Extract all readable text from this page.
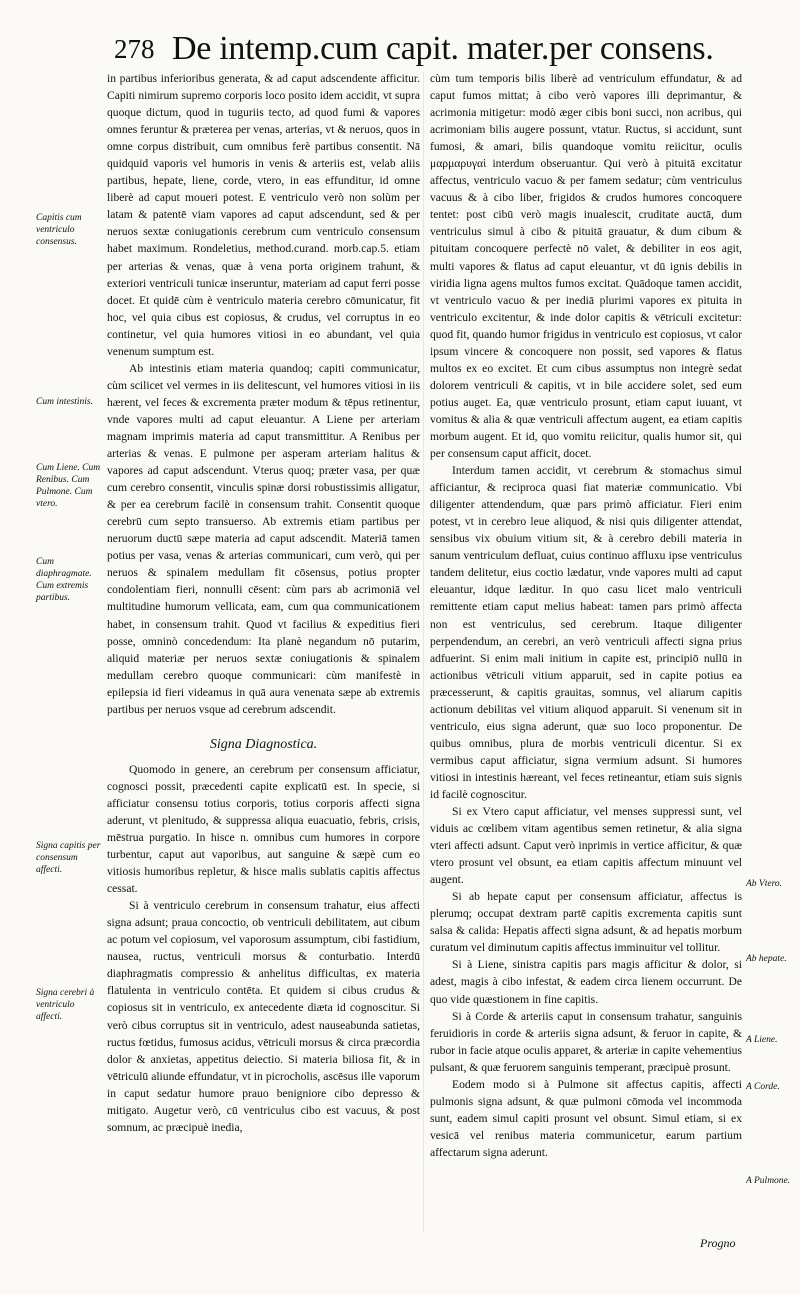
278 De intemp.cum capit. mater.per consens.

in partibus inferioribus generata, & ad caput adscendente afficitur. Capiti nimirum supremo corporis loco posito idem accidit, vt supra quoque dictum, quod in tuguriis tecto, ad quod fumi & vapores omnes feruntur & præterea per venas, arterias, vt & neruos, quos in omne corpus distribuit, cum omnibus ferè partibus consentit. Nā quidquid vaporis vel humoris in venis & arteriis est, velab aliis partibus, hepate, liene, corde, vtero, in eas effunditur, id omne liberè ad caput moueri potest. E ventriculo verò non solùm per latam & patentē viam vapores ad caput adscendunt, sed & per neruos sextæ coniugationis cerebrum cum ventriculo consensum habet maximum. Rondeletius, method.curand. morb.cap.5. etiam per arterias & venas, quæ à vena porta originem trahunt, & exteriori ventriculi tunicæ inseruntur, materiam ad caput ferri posse docet. Et quidē cùm è ventriculo materia cerebro cōmunicatur, fit hoc, vel quia cibus est copiosus, & crudus, vel corruptus in eo continetur, vel quia humores vitiosi in eo abundant, vel quia venenum sumptum est.

Ab intestinis etiam materia quandoq; capiti communicatur, cùm scilicet vel vermes in iis delitescunt, vel humores vitiosi in iis hærent, vel feces & excrementa præter modum & tēpus retinentur, vnde vapores multi ad caput eleuantur. A Liene per arteriam magnam imprimis materia ad caput transmittitur. A Renibus per arterias & venas. E pulmone per asperam arteriam halitus & vapores ad caput adscendunt. Vterus quoq; præter vasa, per quæ cum cerebro consentit, vinculis spinæ dorsi robustissimis alligatur, & per ea cerebrum facilè in consensum trahit. Consentit quoque cerebrū cum septo transuerso. Ab extremis etiam partibus per neruorum ductū sæpe materia ad caput adscendit. Materiā tamen potius per vasa, venas & arterias communicari, cum verò, qui per neruos & spinalem medullam fit cōsensus, potius propter condolentiam fieri, nonnulli cēsent: cùm pars ab acrimoniā vel multitudine humorum vellicata, eam, cum qua communicationem habet, in consensum trahit. Quod vt facilius & expeditius fieri posse, omninò concedendum: Ita planè negandum nō putarim, aliquid materiæ per neruos sextæ coniugationis & spinalem medullam cerebro quoque communicari: cùm manifestè in epilepsia id fieri videamus in quā aura venenata sæpe ab extremis partibus per neruos vsque ad cerebrum adscendit.

Signa Diagnostica.

Quomodo in genere, an cerebrum per consensum afficiatur, cognosci possit, præcedenti capite explicatū est. In specie, si afficiatur consensu totius corporis, totius corporis affecti signa aderunt, vt plenitudo, & suppressa aliqua euacuatio, febris, crisis, mēstrua purgatio. In hisce n. omnibus cum humores in corpore turbentur, caput aut vaporibus, aut sanguine & sæpè cum eo vitiosis humoribus repletur, & hisce malis sublatis capitis affectus cessat.

Si à ventriculo cerebrum in consensum trahatur, eius affecti signa adsunt; praua concoctio, ob ventriculi debilitatem, aut cibum ac potum vel copiosum, vel vaporosum assumptum, cibi fastidium, nausea, ructus, ventriculi morsus & conturbatio. Interdū diaphragmatis compressio & anhelitus difficultas, ex materia flatulenta in ventriculo contēta. Et quidem si cibus crudus & copiosus sit in ventriculo, ex antecedente diæta id cognoscitur. Si verò cibus corruptus sit in ventriculo, adest nauseabunda satietas, ructus fœtidus, fumosus acidus, vētriculi morsus & circa præcordia dolor & anxietas, appetitus deiectio. Si materia biliosa fit, & in vētriculū aliunde effundatur, vt in picrocholis, ascēsus ille vaporum in caput sedatur humore prauo benigniore cibo depresso & mitigato. Augetur verò, cū ventriculus cibo est vacuus, & post somnum, ac præcipuè inedia,

cùm tum temporis bilis liberè ad ventriculum effundatur, & ad caput fumos mittat; à cibo verò vapores illi deprimantur, & acrimonia mitigetur: modò æger cibis boni succi, non acribus, qui acrimoniam bilis augere possunt, vtatur. Ructus, si accidunt, sunt fumosi, & amari, bilis quandoque vomitu reiicitur, oculis μαρμαρυγαὶ interdum obseruantur. Qui verò à pituitā excitatur affectus, ventriculo vacuo & per famem sedatur; cùm ventriculus vacuus & à cibo liber, frigidos & crudos humores concoquere tentet: post cibū verò magis inualescit, cruditate auctā, dum ventriculus simul à cibo & pituitā grauatur, & dum cibum & pituitam concoquere perfectè nō valet, & debiliter in eos agit, multi vapores & flatus ad caput eleuantur, vt dū ignis debilis in viridia ligna agens multos fumos excitat. Quādoque tamen accidit, vt ventriculo vacuo & per inediā plurimi vapores ex pituita in ventriculo excitentur, & inde dolor capitis & vētriculi excitetur: quod fit, quando humor frigidus in ventriculo est copiosus, vt calor ipsum vincere & concoquere non possit, sed vapores & flatus multos ex eo excitet. Et cum cibus assumptus non integrè sedat dolorem ventriculi & capitis, vt in bile accidere solet, sed eum potius auget. Ea, quæ ventriculo prosunt, etiam caput iuuant, vt vomitus & alia & quæ ventriculi affectum augent, ea etiam capitis morbum augent. Et id, quo vomitu reiicitur, qualis humor sit, qui per consensum caput afficit, docet.

Interdum tamen accidit, vt cerebrum & stomachus simul afficiantur, & reciproca quasi fiat materiæ communicatio. Vbi diligenter attendendum, quæ pars primò afficiatur. Fieri enim potest, vt in cerebro leue aliquod, & nisi quis diligenter attendat, sensibus vix obuium vitium sit, & à cerebro debili materia in sanum ventriculum defluat, cuius continuo affluxu ipse ventriculus tandem delitetur, eius coctio lædatur, vnde vapores multi ad caput eleuantur, idque læditur. In quo casu licet malo ventriculi remittente etiam caput melius habeat: tamen pars primò affecta non est ventriculus, sed cerebrum. Itaque diligenter perpendendum, an cerebri, an verò ventriculi affecti signa prius adfuerint. Si enim mali initium in capite est, principiō nullū in actionibus vētriculi vitium apparuit, sed in capite potius ea præcesserunt, & capitis grauitas, somnus, vel aliarum capitis actionum debilitas vel vitium aliquod apparuit. Si venenum sit in ventriculo, eius signa aderunt, quæ suo loco proponentur. De quibus omnibus, plura de morbis ventriculi dicentur. Si ex vermibus caput afficiatur, signa vermium adsunt. Si humores vitiosi in intestinis hæreant, vel feces retineantur, etiam suis signis id facilè cognoscitur.

Si ex Vtero caput afficiatur, vel menses suppressi sunt, vel viduis ac cœlibem vitam agentibus semen retinetur, & alia signa vteri affecti adsunt. Caput verò inprimis in vertice afficitur, & quæ vtero prosunt vel obsunt, ea etiam capitis affectum minuunt vel augent.

Si ab hepate caput per consensum afficiatur, affectus is plerumq; occupat dextram partē capitis excrementa capitis sunt salsa & calida: Hepatis affecti signa adsunt, & ad hepatis morbum curatum vel diminutum capitis affectus imminuitur vel tollitur.

Si à Liene, sinistra capitis pars magis afficitur & dolor, si adest, magis à cibo infestat, & eadem circa lienem occurrunt. De quo vide quæstionem in fine capitis.

Si à Corde & arteriis caput in consensum trahatur, sanguinis feruidioris in corde & arteriis signa adsunt, & feruor in capite, & rubor in facie atque oculis apparet, & arteriæ in capite vehementius pulsant, & quæ feruorem sanguinis temperant, præcipuè prosunt.

Eodem modo si à Pulmone sit affectus capitis, affecti pulmonis signa adsunt, & quæ pulmoni cōmoda vel incommoda sunt, eadem simul capiti prosunt vel obsunt. Simul etiam, si ex vesicā vel renibus materia communicetur, earum partium affectarum signa aderunt.

Capitis cum ventriculo consensus.
Cum intestinis.
Cum Liene. Cum Renibus. Cum Pulmone. Cum vtero.
Cum diaphragmate. Cum extremis partibus.
Signa capitis per consensum affecti.
Signa cerebri à ventriculo affecti.
Ab Vtero.
Ab hepate.
A Liene.
A Corde.
A Pulmone.
Progno
